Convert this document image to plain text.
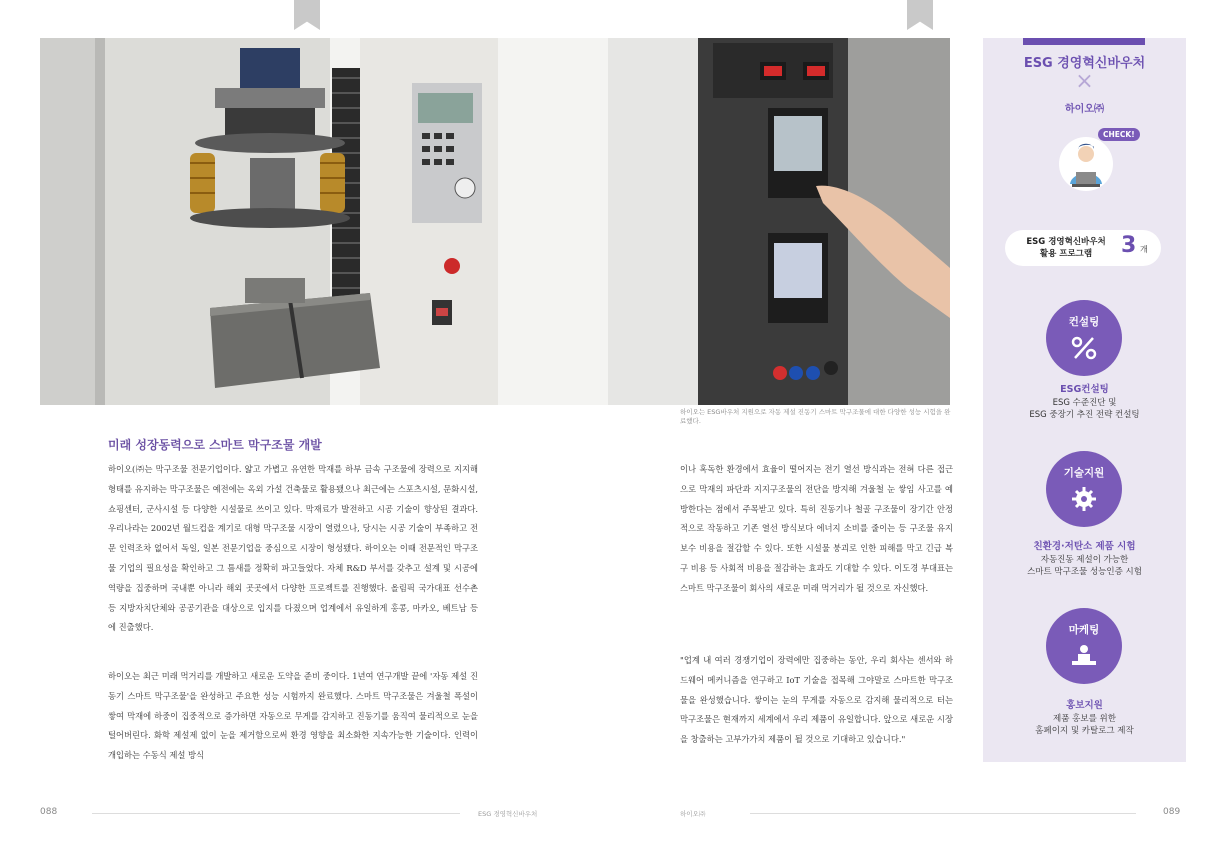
하이오는 ESG바우처 지원으로 자동 제설 진동기 스마트 막구조물에 대한 다양한 성능 시험을 완료했다.
미래 성장동력으로 스마트 막구조물 개발

하이오(㈜는 막구조물 전문기업이다. 얇고 가볍고 유연한 막재를 하부 금속 구조물에 장력으로 지지해 형태를 유지하는 막구조물은 예전에는 옥외 가설 건축물로 활용됐으나 최근에는 스포츠시설, 문화시설, 쇼핑센터, 군사시설 등 다양한 시설물로 쓰이고 있다. 막재료가 발전하고 시공 기술이 향상된 결과다. 우리나라는 2002년 월드컵을 계기로 대형 막구조물 시장이 열렸으나, 당시는 시공 기술이 부족하고 전문 인력조차 없어서 독일, 일본 전문기업을 중심으로 시장이 형성됐다. 하이오는 이때 전문적인 막구조물 기업의 필요성을 확인하고 그 틈새를 정확히 파고들었다. 자체 R&D 부서를 갖추고 설계 및 시공에 역량을 집중하며 국내뿐 아니라 해외 곳곳에서 다양한 프로젝트를 진행했다. 올림픽 국가대표 선수촌 등 지방자치단체와 공공기관을 대상으로 입지를 다졌으며 업계에서 유일하게 홍콩, 마카오, 베트남 등에 진출했다.

하이오는 최근 미래 먹거리를 개발하고 새로운 도약을 준비 중이다. 1년여 연구개발 끝에 '자동 제설 진동기 스마트 막구조물'을 완성하고 주요한 성능 시험까지 완료했다. 스마트 막구조물은 겨울철 폭설이 쌓여 막재에 하중이 집중적으로 증가하면 자동으로 무게를 감지하고 진동기를 움직여 물리적으로 눈을 털어버린다. 화학 제설제 없이 눈을 제거함으로써 환경 영향을 최소화한 지속가능한 기술이다. 인력이 개입하는 수동식 제설 방식

이나 혹독한 환경에서 효율이 떨어지는 전기 열선 방식과는 전혀 다른 접근으로 막재의 파단과 지지구조물의 전단을 방지해 겨울철 눈 쌓임 사고를 예방한다는 점에서 주목받고 있다. 특히 진동기나 철골 구조물이 장기간 안정적으로 작동하고 기존 열선 방식보다 에너지 소비를 줄이는 등 구조물 유지보수 비용을 절감할 수 있다. 또한 시설물 붕괴로 인한 피해를 막고 긴급 복구 비용 등 사회적 비용을 절감하는 효과도 기대할 수 있다. 이도경 부대표는 스마트 막구조물이 회사의 새로운 미래 먹거리가 될 것으로 자신했다.

"업계 내 여러 경쟁기업이 장력에만 집중하는 동안, 우리 회사는 센서와 하드웨어 메커니즘을 연구하고 IoT 기술을 접목해 그야말로 스마트한 막구조물을 완성했습니다. 쌓이는 눈의 무게를 자동으로 감지해 물리적으로 터는 막구조물은 현재까지 세계에서 우리 제품이 유일합니다. 앞으로 새로운 시장을 창출하는 고부가가치 제품이 될 것으로 기대하고 있습니다."

ESG 경영혁신바우처
×
하이오㈜
CHECK!
ESG 경영혁신바우처
활용 프로그램	3 개
컨설팅
ESG컨설팅
ESG 수준진단 및
ESG 중장기 추진 전략 컨설팅
기술지원
친환경·저탄소 제품 시험
자동진동 제설이 가능한
스마트 막구조물 성능인증 시험
마케팅
홍보지원
제품 홍보를 위한
홈페이지 및 카탈로그 제작
088	ESG 경영혁신바우처	하이오㈜	089
